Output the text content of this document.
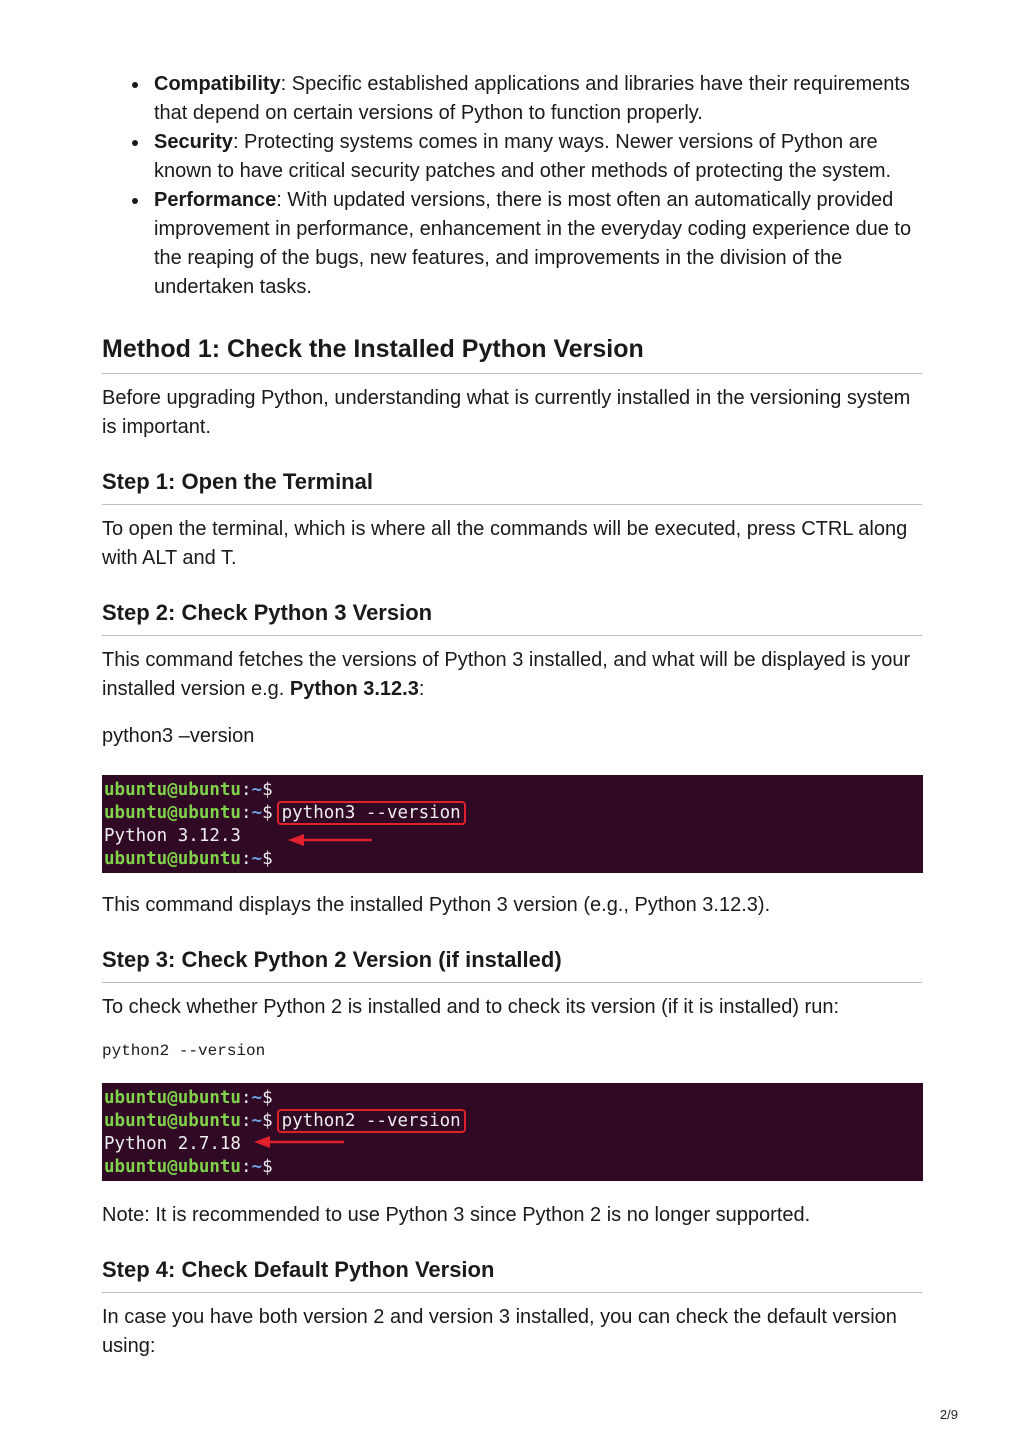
Compatibility: Specific established applications and libraries have their requirements that depend on certain versions of Python to function properly.
Security: Protecting systems comes in many ways. Newer versions of Python are known to have critical security patches and other methods of protecting the system.
Performance: With updated versions, there is most often an automatically provided improvement in performance, enhancement in the everyday coding experience due to the reaping of the bugs, new features, and improvements in the division of the undertaken tasks.
Method 1: Check the Installed Python Version

Before upgrading Python, understanding what is currently installed in the versioning system is important.

Step 1: Open the Terminal

To open the terminal, which is where all the commands will be executed, press CTRL along with ALT and T.

Step 2: Check Python 3 Version

This command fetches the versions of Python 3 installed, and what will be displayed is your installed version e.g. Python 3.12.3:

python3 –version

ubuntu@ubuntu:~$
ubuntu@ubuntu:~$ python3 --version
Python 3.12.3
ubuntu@ubuntu:~$

This command displays the installed Python 3 version (e.g., Python 3.12.3).

Step 3: Check Python 2 Version (if installed)

To check whether Python 2 is installed and to check its version (if it is installed) run:

python2 --version
ubuntu@ubuntu:~$
ubuntu@ubuntu:~$ python2 --version
Python 2.7.18
ubuntu@ubuntu:~$

Note: It is recommended to use Python 3 since Python 2 is no longer supported.

Step 4: Check Default Python Version

In case you have both version 2 and version 3 installed, you can check the default version using:

2/9
